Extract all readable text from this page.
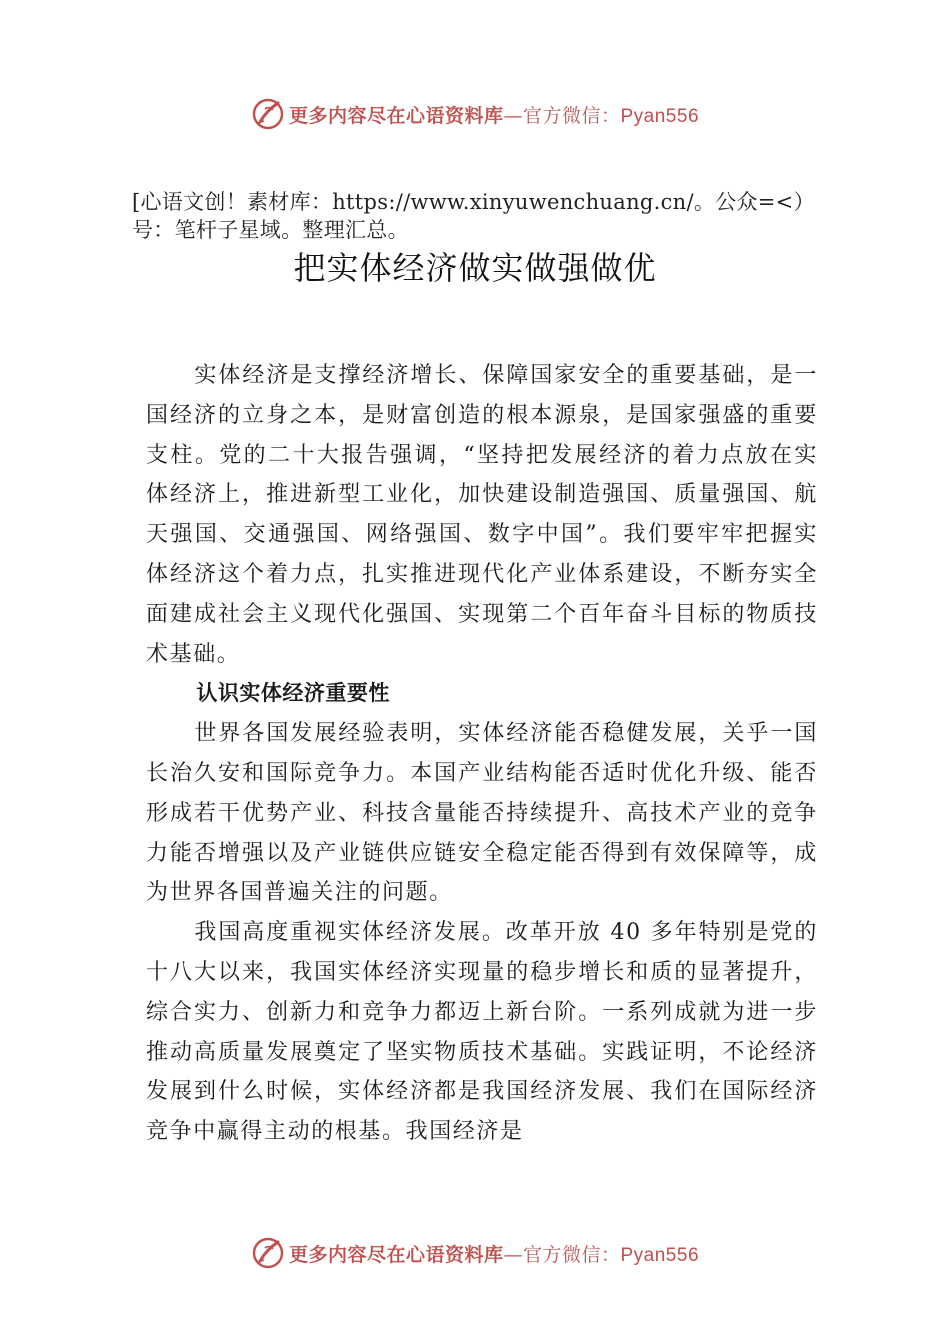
更多内容尽在心语资料库—官方微信：Pyan556
[心语文创！素材库：https://www.xinyuwenchuang.cn/。公众=<）号：笔杆子星域。整理汇总。
把实体经济做实做强做优

实体经济是支撑经济增长、保障国家安全的重要基础，是一国经济的立身之本，是财富创造的根本源泉，是国家强盛的重要支柱。党的二十大报告强调，“坚持把发展经济的着力点放在实体经济上，推进新型工业化，加快建设制造强国、质量强国、航天强国、交通强国、网络强国、数字中国”。我们要牢牢把握实体经济这个着力点，扎实推进现代化产业体系建设，不断夯实全面建成社会主义现代化强国、实现第二个百年奋斗目标的物质技术基础。

认识实体经济重要性

世界各国发展经验表明，实体经济能否稳健发展，关乎一国长治久安和国际竞争力。本国产业结构能否适时优化升级、能否形成若干优势产业、科技含量能否持续提升、高技术产业的竞争力能否增强以及产业链供应链安全稳定能否得到有效保障等，成为世界各国普遍关注的问题。

我国高度重视实体经济发展。改革开放 40 多年特别是党的十八大以来，我国实体经济实现量的稳步增长和质的显著提升，综合实力、创新力和竞争力都迈上新台阶。一系列成就为进一步推动高质量发展奠定了坚实物质技术基础。实践证明，不论经济发展到什么时候，实体经济都是我国经济发展、我们在国际经济竞争中赢得主动的根基。我国经济是

更多内容尽在心语资料库—官方微信：Pyan556
